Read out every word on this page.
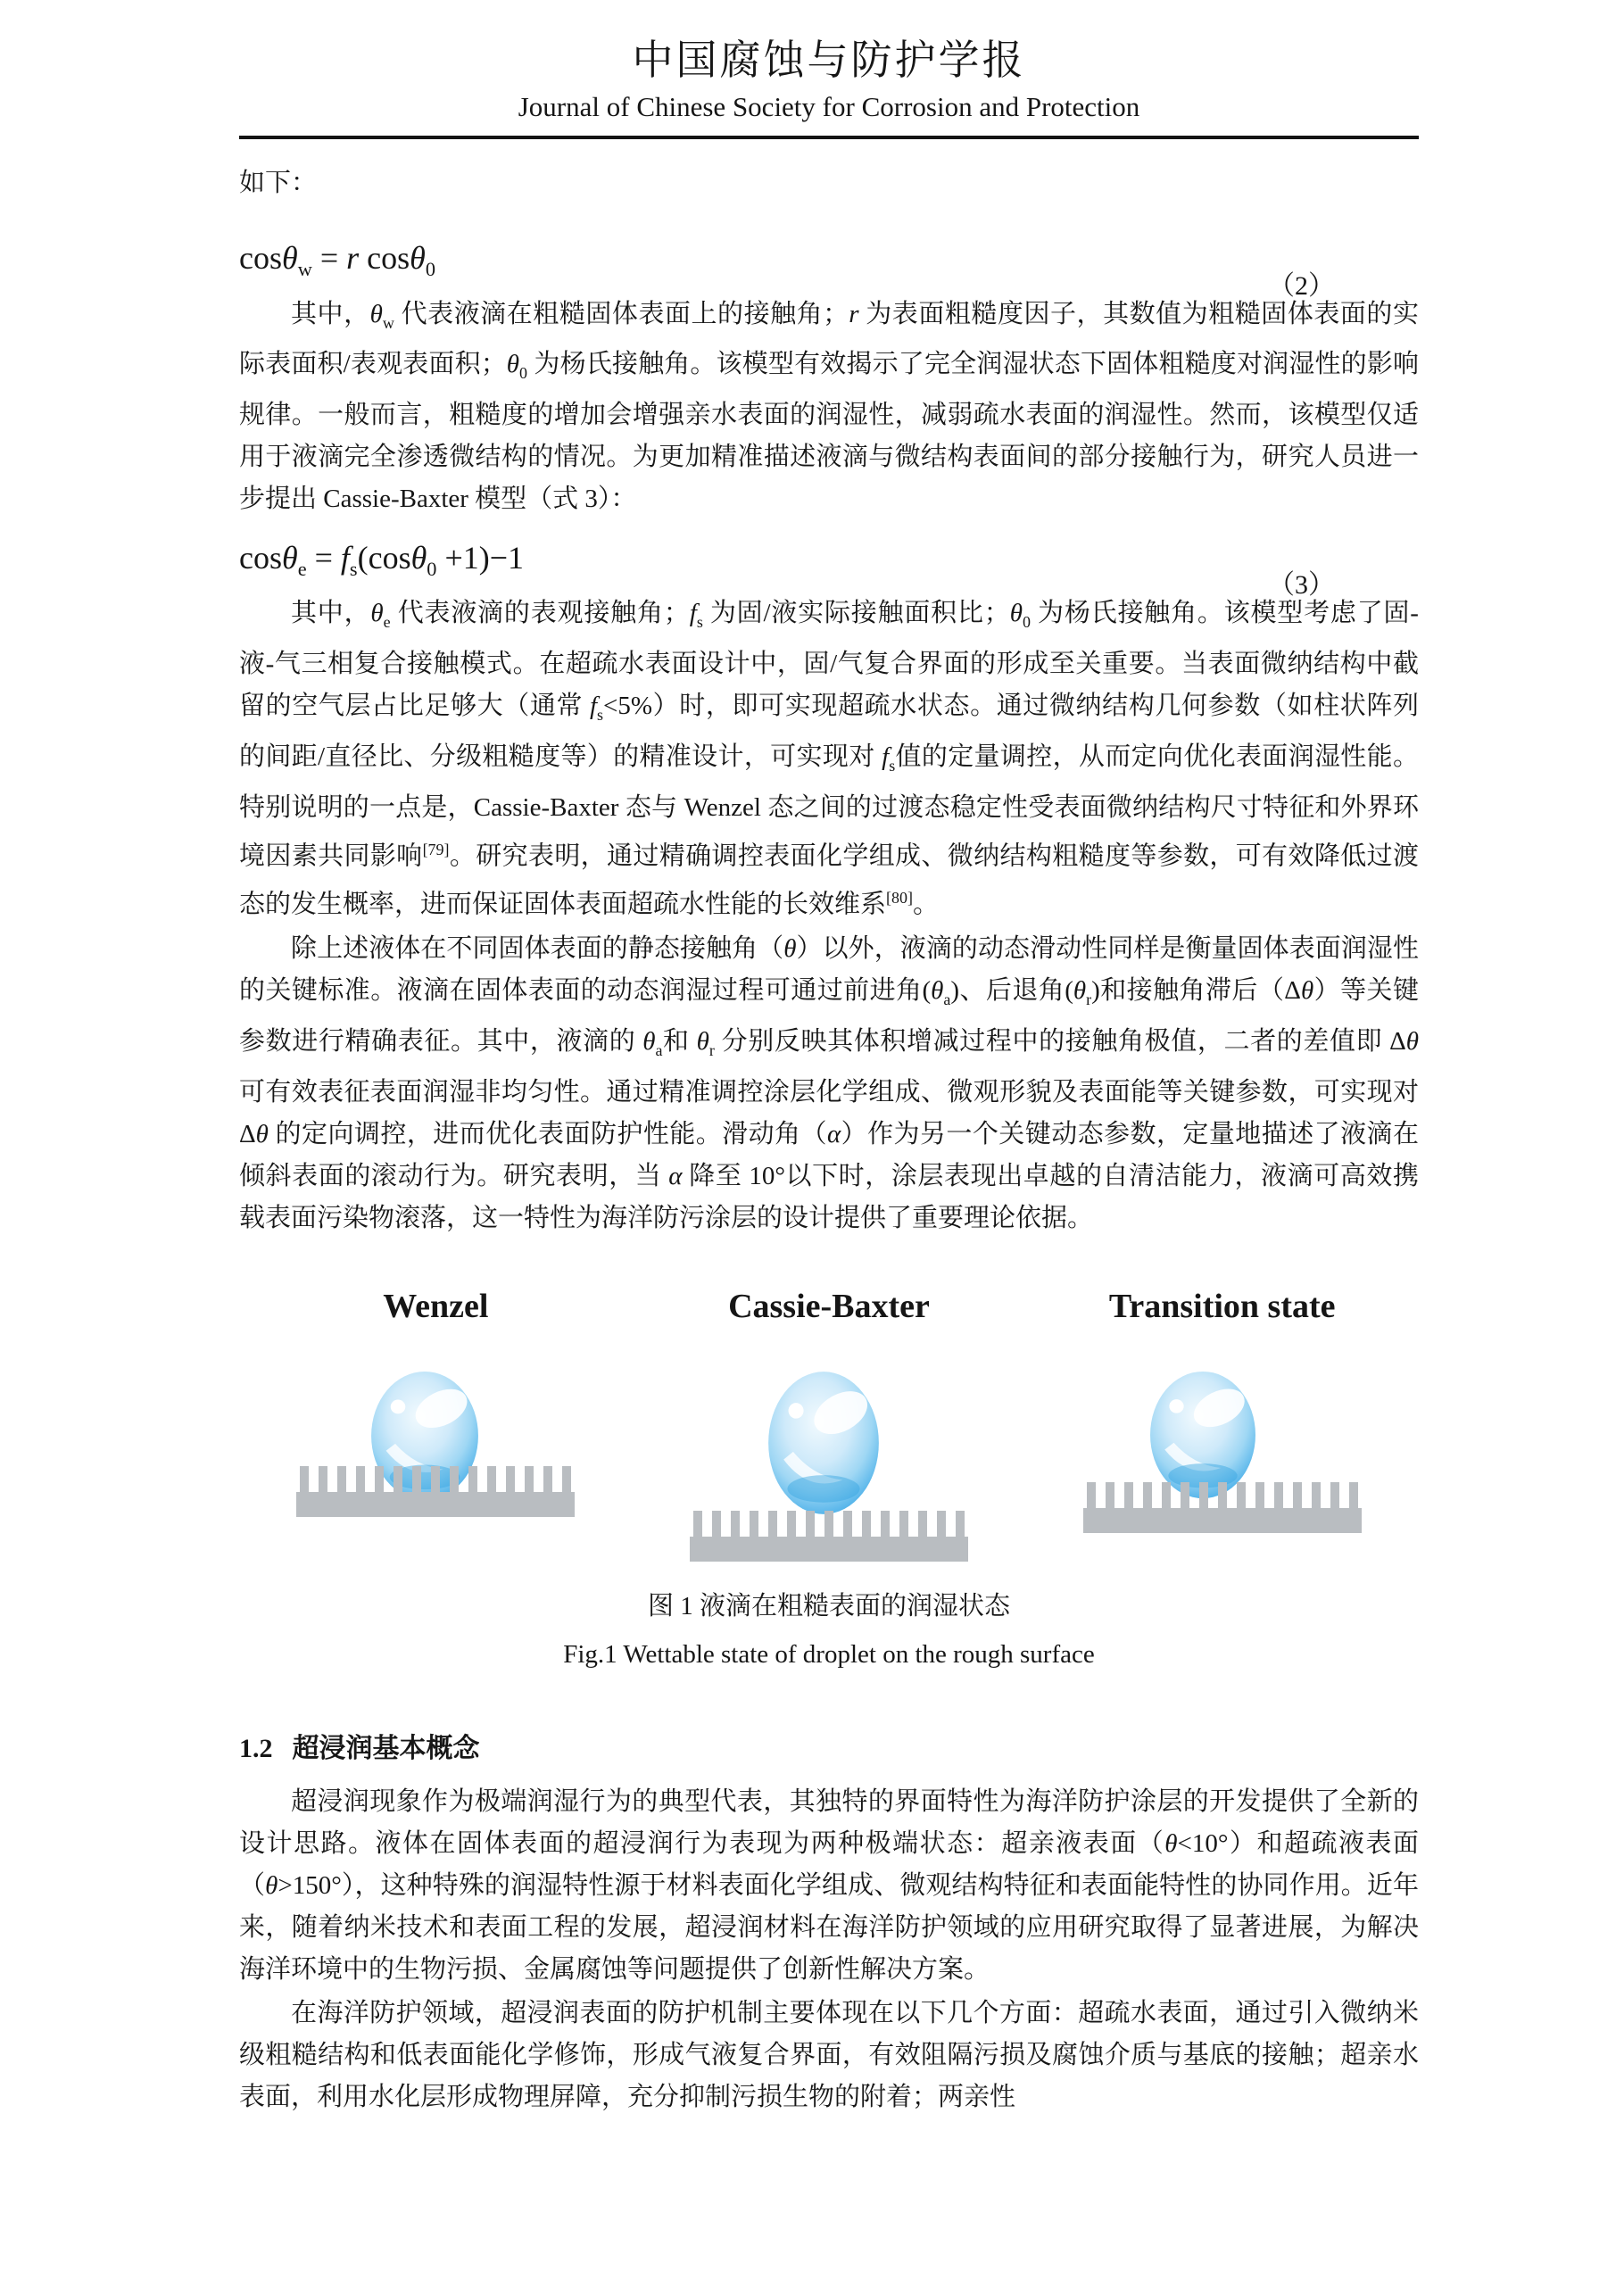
中国腐蚀与防护学报
Journal of Chinese Society for Corrosion and Protection
如下：
cosθ$_w$ = r cosθ$_0$
（2）

其中，$\theta_w$ 代表液滴在粗糙固体表面上的接触角；r 为表面粗糙度因子，其数值为粗糙固体表面的实际表面积/表观表面积；$\theta_0$ 为杨氏接触角。该模型有效揭示了完全润湿状态下固体粗糙度对润湿性的影响规律。一般而言，粗糙度的增加会增强亲水表面的润湿性，减弱疏水表面的润湿性。然而，该模型仅适用于液滴完全渗透微结构的情况。为更加精准描述液滴与微结构表面间的部分接触行为，研究人员进一步提出 Cassie-Baxter 模型（式 3）：

$\cos\theta_e = f_s(\cos\theta_0 +1)-1$
（3）

其中，$\theta_e$ 代表液滴的表观接触角；$f_s$ 为固/液实际接触面积比；$\theta_0$ 为杨氏接触角。该模型考虑了固-液-气三相复合接触模式。在超疏水表面设计中，固/气复合界面的形成至关重要。当表面微纳结构中截留的空气层占比足够大（通常 $f_s<5\%$）时，即可实现超疏水状态。通过微纳结构几何参数（如柱状阵列的间距/直径比、分级粗糙度等）的精准设计，可实现对 $f_s$值的定量调控，从而定向优化表面润湿性能。特别说明的一点是，Cassie-Baxter 态与 Wenzel 态之间的过渡态稳定性受表面微纳结构尺寸特征和外界环境因素共同影响[79]。研究表明，通过精确调控表面化学组成、微纳结构粗糙度等参数，可有效降低过渡态的发生概率，进而保证固体表面超疏水性能的长效维系[80]。

除上述液体在不同固体表面的静态接触角（θ）以外，液滴的动态滑动性同样是衡量固体表面润湿性的关键标准。液滴在固体表面的动态润湿过程可通过前进角$(\theta_a)$、后退角$(\theta_r)$和接触角滞后（Δθ）等关键参数进行精确表征。其中，液滴的 $\theta_a$和 $\theta_r$ 分别反映其体积增减过程中的接触角极值，二者的差值即 Δθ 可有效表征表面润湿非均匀性。通过精准调控涂层化学组成、微观形貌及表面能等关键参数，可实现对 Δθ 的定向调控，进而优化表面防护性能。滑动角（α）作为另一个关键动态参数，定量地描述了液滴在倾斜表面的滚动行为。研究表明，当 α 降至 10°以下时，涂层表现出卓越的自清洁能力，液滴可高效携载表面污染物滚落，这一特性为海洋防污涂层的设计提供了重要理论依据。

Wenzel	Cassie-Baxter	Transition state
图 1 液滴在粗糙表面的润湿状态
Fig.1 Wettable state of droplet on the rough surface
1.2 超浸润基本概念

超浸润现象作为极端润湿行为的典型代表，其独特的界面特性为海洋防护涂层的开发提供了全新的设计思路。液体在固体表面的超浸润行为表现为两种极端状态：超亲液表面（θ<10°）和超疏液表面（θ>150°），这种特殊的润湿特性源于材料表面化学组成、微观结构特征和表面能特性的协同作用。近年来，随着纳米技术和表面工程的发展，超浸润材料在海洋防护领域的应用研究取得了显著进展，为解决海洋环境中的生物污损、金属腐蚀等问题提供了创新性解决方案。

在海洋防护领域，超浸润表面的防护机制主要体现在以下几个方面：超疏水表面，通过引入微纳米级粗糙结构和低表面能化学修饰，形成气液复合界面，有效阻隔污损及腐蚀介质与基底的接触；超亲水表面，利用水化层形成物理屏障，充分抑制污损生物的附着；两亲性
